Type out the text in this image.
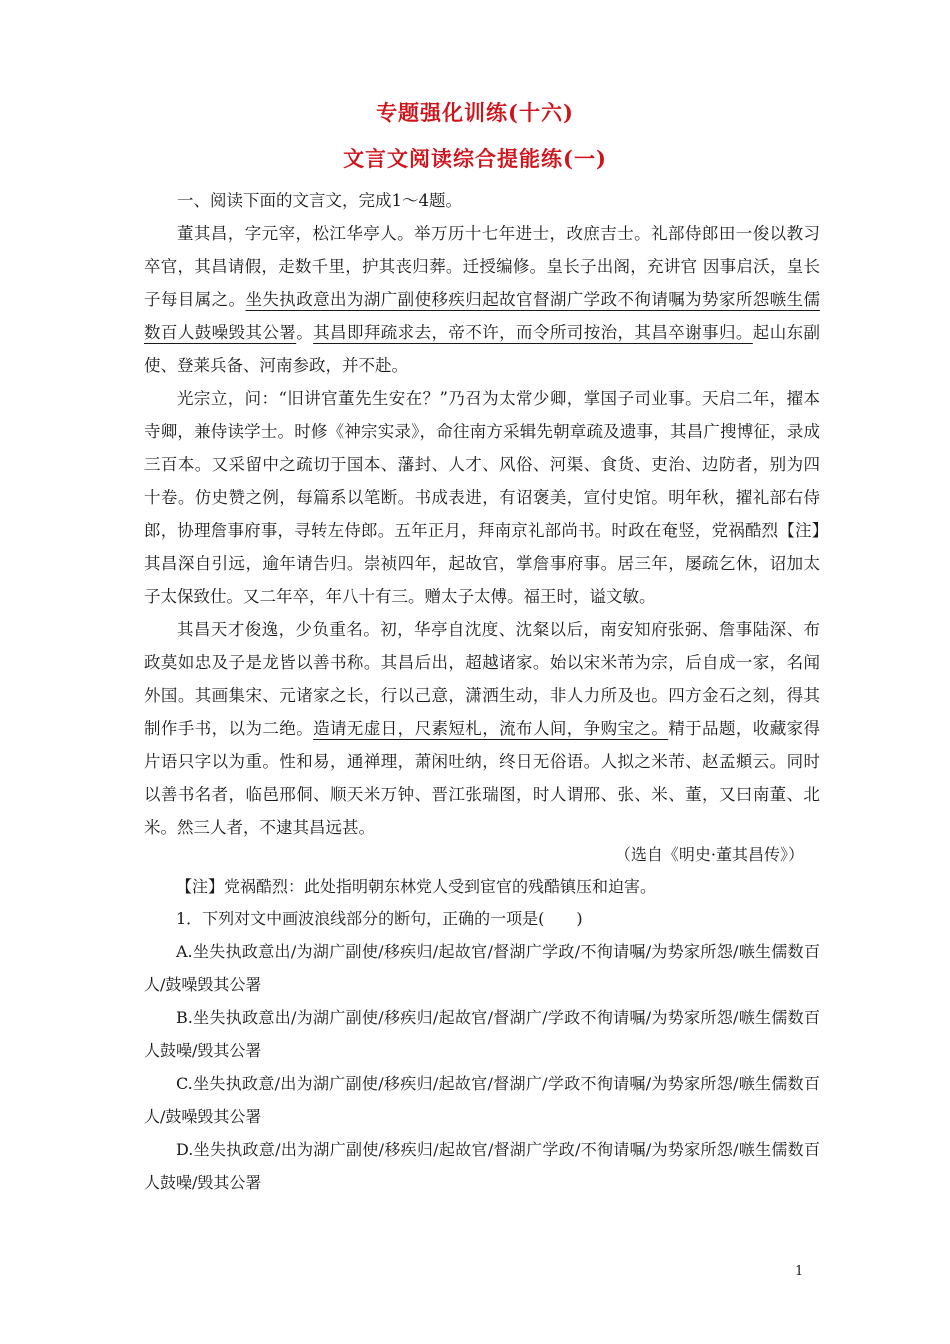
专题强化训练(十六)
文言文阅读综合提能练(一)

一、阅读下面的文言文，完成1～4题。

董其昌，字元宰，松江华亭人。举万历十七年进士，改庶吉士。礼部侍郎田一俊以教习卒官，其昌请假，走数千里，护其丧归葬。迁授编修。皇长子出阁，充讲官 因事启沃，皇长子每目属之。坐失执政意出为湖广副使移疾归起故官督湖广学政不徇请嘱为势家所怨嗾生儒数百人鼓噪毁其公署。其昌即拜疏求去，帝不许，而令所司按治，其昌卒谢事归。起山东副使、登莱兵备、河南参政，并不赴。

光宗立，问：“旧讲官董先生安在？”乃召为太常少卿，掌国子司业事。天启二年，擢本寺卿，兼侍读学士。时修《神宗实录》，命往南方采辑先朝章疏及遗事，其昌广搜博征，录成三百本。又采留中之疏切于国本、藩封、人才、风俗、河渠、食货、吏治、边防者，别为四十卷。仿史赞之例，每篇系以笔断。书成表进，有诏褒美，宣付史馆。明年秋，擢礼部右侍郎，协理詹事府事，寻转左侍郎。五年正月，拜南京礼部尚书。时政在奄竖，党祸酷烈【注】其昌深自引远，逾年请告归。崇祯四年，起故官，掌詹事府事。居三年，屡疏乞休，诏加太子太保致仕。又二年卒，年八十有三。赠太子太傅。福王时，谥文敏。

其昌天才俊逸，少负重名。初，华亭自沈度、沈粲以后，南安知府张弼、詹事陆深、布政莫如忠及子是龙皆以善书称。其昌后出，超越诸家。始以宋米芾为宗，后自成一家，名闻外国。其画集宋、元诸家之长，行以己意，潇洒生动，非人力所及也。四方金石之刻，得其制作手书，以为二绝。造请无虚日，尺素短札，流布人间，争购宝之。精于品题，收藏家得片语只字以为重。性和易，通禅理，萧闲吐纳，终日无俗语。人拟之米芾、赵孟頫云。同时以善书名者，临邑邢侗、顺天米万钟、晋江张瑞图，时人谓邢、张、米、董，又曰南董、北米。然三人者，不逮其昌远甚。

（选自《明史·董其昌传》）
【注】党祸酷烈：此处指明朝东林党人受到宦官的残酷镇压和迫害。

1．下列对文中画波浪线部分的断句，正确的一项是(　　)

A.坐失执政意出/为湖广副使/移疾归/起故官/督湖广学政/不徇请嘱/为势家所怨/嗾生儒数百人/鼓噪毁其公署

B.坐失执政意出/为湖广副使/移疾归/起故官/督湖广/学政不徇请嘱/为势家所怨/嗾生儒数百人鼓噪/毁其公署

C.坐失执政意/出为湖广副使/移疾归/起故官/督湖广/学政不徇请嘱/为势家所怨/嗾生儒数百人/鼓噪毁其公署

D.坐失执政意/出为湖广副使/移疾归/起故官/督湖广学政/不徇请嘱/为势家所怨/嗾生儒数百人鼓噪/毁其公署

1
